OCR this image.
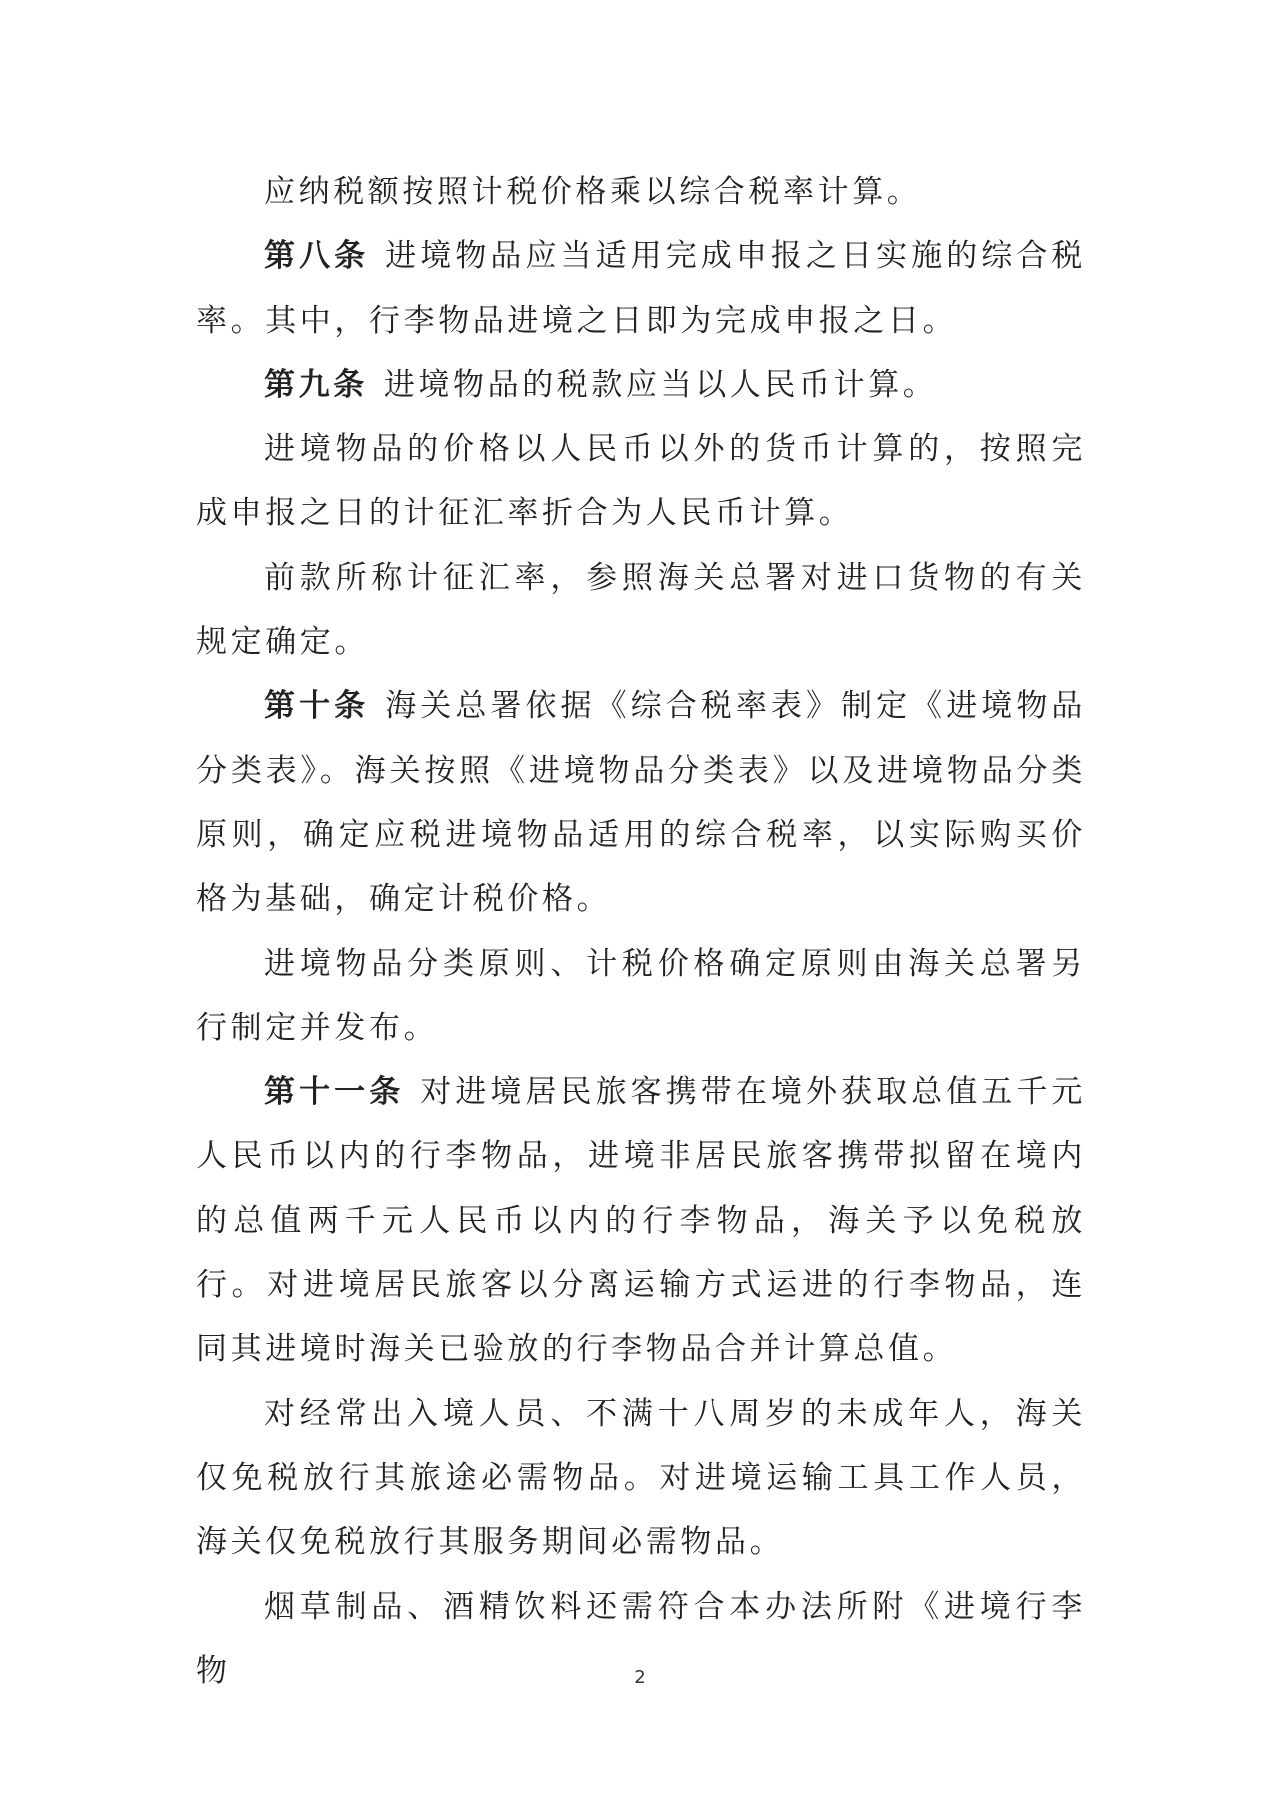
应纳税额按照计税价格乘以综合税率计算。

第八条 进境物品应当适用完成申报之日实施的综合税率。其中，行李物品进境之日即为完成申报之日。

第九条 进境物品的税款应当以人民币计算。

进境物品的价格以人民币以外的货币计算的，按照完成申报之日的计征汇率折合为人民币计算。

前款所称计征汇率，参照海关总署对进口货物的有关规定确定。

第十条 海关总署依据《综合税率表》制定《进境物品分类表》。海关按照《进境物品分类表》以及进境物品分类原则，确定应税进境物品适用的综合税率，以实际购买价格为基础，确定计税价格。

进境物品分类原则、计税价格确定原则由海关总署另行制定并发布。

第十一条 对进境居民旅客携带在境外获取总值五千元人民币以内的行李物品，进境非居民旅客携带拟留在境内的总值两千元人民币以内的行李物品，海关予以免税放行。对进境居民旅客以分离运输方式运进的行李物品，连同其进境时海关已验放的行李物品合并计算总值。

对经常出入境人员、不满十八周岁的未成年人，海关仅免税放行其旅途必需物品。对进境运输工具工作人员，海关仅免税放行其服务期间必需物品。

烟草制品、酒精饮料还需符合本办法所附《进境行李物	2
